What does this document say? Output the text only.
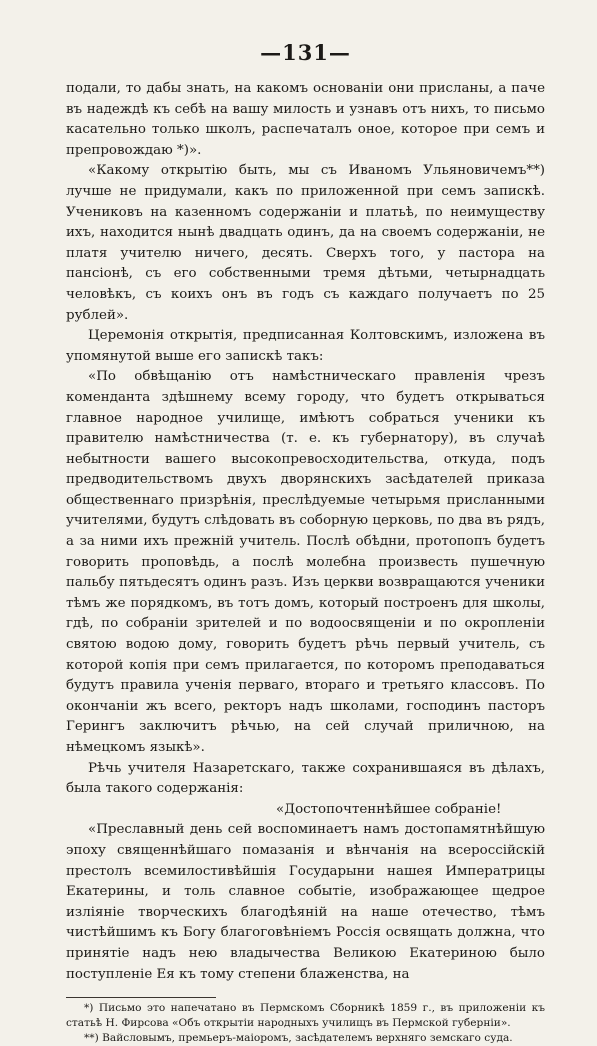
—131—

подали, то дабы знать, на какомъ основанiи они присланы, а паче въ надеждѣ къ себѣ на вашу милость и узнавъ отъ нихъ, то письмо касательно только школъ, распечаталъ оное, которое при семъ и препровождаю *)».

«Какому открытiю быть, мы съ Иваномъ Ульяновичемъ**) лучше не придумали, какъ по приложенной при семъ запискѣ. Учениковъ на казенномъ содержанiи и платьѣ, по неимуществу ихъ, находится нынѣ двадцать одинъ, да на своемъ содержанiи, не платя учителю ничего, десять. Сверхъ того, у пастора на пансiонѣ, съ его собственными тремя дѣтьми, четырнадцать человѣкъ, съ коихъ онъ въ годъ съ каждаго получаетъ по 25 рублей».

Церемонiя открытiя, предписанная Колтовскимъ, изложена въ упомянутой выше его запискѣ такъ:

«По обвѣщанiю отъ намѣстническаго правленiя чрезъ коменданта здѣшнему всему городу, что будетъ открываться главное народное училище, имѣютъ собраться ученики къ правителю намѣстничества (т. е. къ губернатору), въ случаѣ небытности вашего высокопревосходительства, откуда, подъ предводительствомъ двухъ дворянскихъ засѣдателей приказа общественнаго призрѣнiя, преслѣдуемые четырьмя присланными учителями, будутъ слѣдовать въ соборную церковь, по два въ рядъ, а за ними ихъ прежнiй учитель. Послѣ обѣдни, протопопъ будетъ говорить проповѣдь, а послѣ молебна произвесть пушечную пальбу пятьдесятъ одинъ разъ. Изъ церкви возвращаются ученики тѣмъ же порядкомъ, въ тотъ домъ, который построенъ для школы, гдѣ, по собранiи зрителей и по водоосвященiи и по окропленiи святою водою дому, говорить будетъ рѣчь первый учитель, съ которой копiя при семъ прилагается, по которомъ преподаваться будутъ правила ученiя перваго, втораго и третьяго классовъ. По окончанiи жъ всего, ректоръ надъ школами, господинъ пасторъ Герингъ заключитъ рѣчью, на сей случай приличною, на нѣмецкомъ языкѣ».

Рѣчь учителя Назаретскаго, также сохранившаяся въ дѣлахъ, была такого содержанiя:

«Достопочтеннѣйшее собранiе!

«Преславный день сей воспоминаетъ намъ достопамятнѣйшую эпоху священнѣйшаго помазанiя и вѣнчанiя на всероссiйскiй престолъ всемилостивѣйшiя Государыни нашея Императрицы Екатерины, и толь славное событiе, изображающее щедрое излiянiе творческихъ благодѣянiй на наше отечество, тѣмъ чистѣйшимъ къ Богу благоговѣнiемъ Россiя освящать должна, что принятiе надъ нею владычества Великою Екатериною было поступленiе Ея къ тому степени блаженства, на

*) Письмо это напечатано въ Пермскомъ Сборникѣ 1859 г., въ приложенiи къ статьѣ Н. Фирсова «Объ открытiи народныхъ училищъ въ Пермской губернiи».

**) Вайсловымъ, премьеръ-маiоромъ, засѣдателемъ верхняго земскаго суда.
